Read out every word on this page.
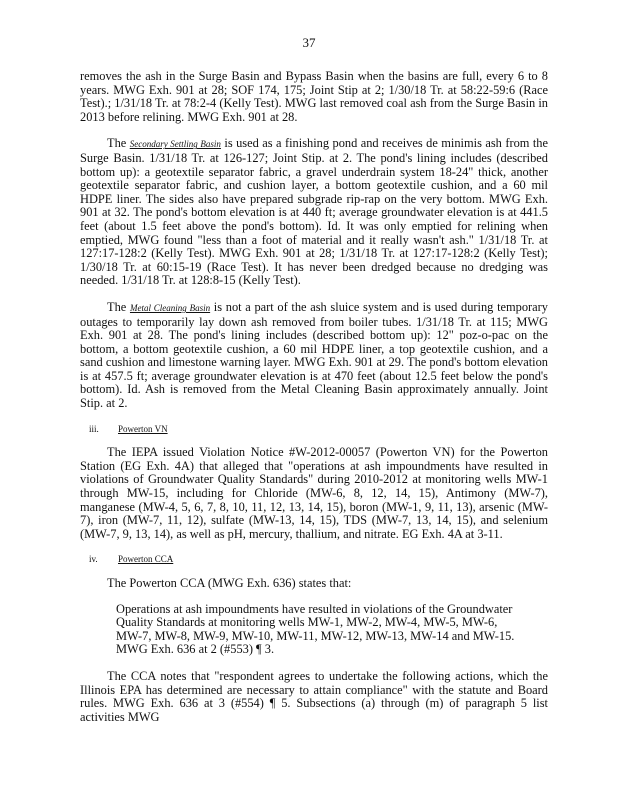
37

removes the ash in the Surge Basin and Bypass Basin when the basins are full, every 6 to 8 years. MWG Exh. 901 at 28; SOF 174, 175; Joint Stip at 2; 1/30/18 Tr. at 58:22-59:6 (Race Test).; 1/31/18 Tr. at 78:2-4 (Kelly Test). MWG last removed coal ash from the Surge Basin in 2013 before relining. MWG Exh. 901 at 28.

The Secondary Settling Basin is used as a finishing pond and receives de minimis ash from the Surge Basin. 1/31/18 Tr. at 126-127; Joint Stip. at 2. The pond's lining includes (described bottom up): a geotextile separator fabric, a gravel underdrain system 18-24" thick, another geotextile separator fabric, and cushion layer, a bottom geotextile cushion, and a 60 mil HDPE liner. The sides also have prepared subgrade rip-rap on the very bottom. MWG Exh. 901 at 32. The pond's bottom elevation is at 440 ft; average groundwater elevation is at 441.5 feet (about 1.5 feet above the pond's bottom). Id. It was only emptied for relining when emptied, MWG found "less than a foot of material and it really wasn't ash." 1/31/18 Tr. at 127:17-128:2 (Kelly Test). MWG Exh. 901 at 28; 1/31/18 Tr. at 127:17-128:2 (Kelly Test); 1/30/18 Tr. at 60:15-19 (Race Test). It has never been dredged because no dredging was needed. 1/31/18 Tr. at 128:8-15 (Kelly Test).

The Metal Cleaning Basin is not a part of the ash sluice system and is used during temporary outages to temporarily lay down ash removed from boiler tubes. 1/31/18 Tr. at 115; MWG Exh. 901 at 28. The pond's lining includes (described bottom up): 12" poz-o-pac on the bottom, a bottom geotextile cushion, a 60 mil HDPE liner, a top geotextile cushion, and a sand cushion and limestone warning layer. MWG Exh. 901 at 29. The pond's bottom elevation is at 457.5 ft; average groundwater elevation is at 470 feet (about 12.5 feet below the pond's bottom). Id. Ash is removed from the Metal Cleaning Basin approximately annually. Joint Stip. at 2.

iii. Powerton VN

The IEPA issued Violation Notice #W-2012-00057 (Powerton VN) for the Powerton Station (EG Exh. 4A) that alleged that "operations at ash impoundments have resulted in violations of Groundwater Quality Standards" during 2010-2012 at monitoring wells MW-1 through MW-15, including for Chloride (MW-6, 8, 12, 14, 15), Antimony (MW-7), manganese (MW-4, 5, 6, 7, 8, 10, 11, 12, 13, 14, 15), boron (MW-1, 9, 11, 13), arsenic (MW-7), iron (MW-7, 11, 12), sulfate (MW-13, 14, 15), TDS (MW-7, 13, 14, 15), and selenium (MW-7, 9, 13, 14), as well as pH, mercury, thallium, and nitrate. EG Exh. 4A at 3-11.

iv. Powerton CCA

The Powerton CCA (MWG Exh. 636) states that:

Operations at ash impoundments have resulted in violations of the Groundwater Quality Standards at monitoring wells MW-1, MW-2, MW-4, MW-5, MW-6, MW-7, MW-8, MW-9, MW-10, MW-11, MW-12, MW-13, MW-14 and MW-15. MWG Exh. 636 at 2 (#553) ¶ 3.

The CCA notes that "respondent agrees to undertake the following actions, which the Illinois EPA has determined are necessary to attain compliance" with the statute and Board rules. MWG Exh. 636 at 3 (#554) ¶ 5. Subsections (a) through (m) of paragraph 5 list activities MWG
